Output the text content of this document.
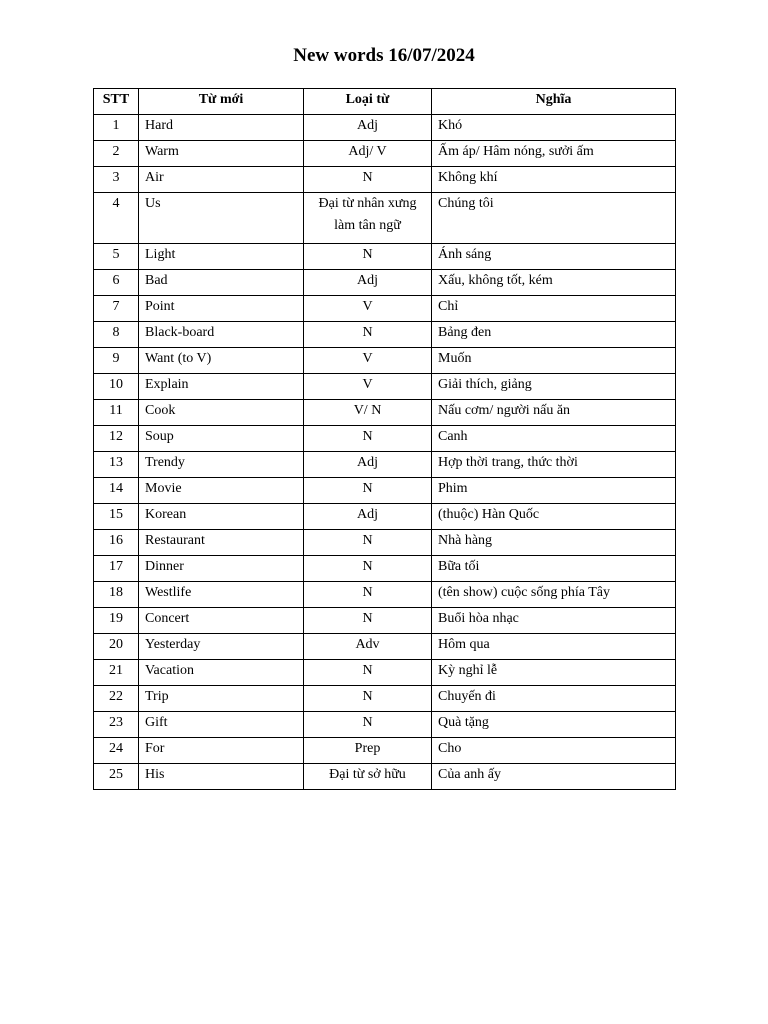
New words 16/07/2024
STT	Từ mới	Loại từ	Nghĩa
1	Hard	Adj	Khó
2	Warm	Adj/ V	Ấm áp/ Hâm nóng, sưởi ấm
3	Air	N	Không khí
4	Us	Đại từ nhân xưng làm tân ngữ	Chúng tôi
5	Light	N	Ánh sáng
6	Bad	Adj	Xấu, không tốt, kém
7	Point	V	Chỉ
8	Black-board	N	Bảng đen
9	Want (to V)	V	Muốn
10	Explain	V	Giải thích, giảng
11	Cook	V/ N	Nấu cơm/ người nấu ăn
12	Soup	N	Canh
13	Trendy	Adj	Hợp thời trang, thức thời
14	Movie	N	Phim
15	Korean	Adj	(thuộc) Hàn Quốc
16	Restaurant	N	Nhà hàng
17	Dinner	N	Bữa tối
18	Westlife	N	(tên show) cuộc sống phía Tây
19	Concert	N	Buổi hòa nhạc
20	Yesterday	Adv	Hôm qua
21	Vacation	N	Kỳ nghỉ lễ
22	Trip	N	Chuyến đi
23	Gift	N	Quà tặng
24	For	Prep	Cho
25	His	Đại từ sở hữu	Của anh ấy
